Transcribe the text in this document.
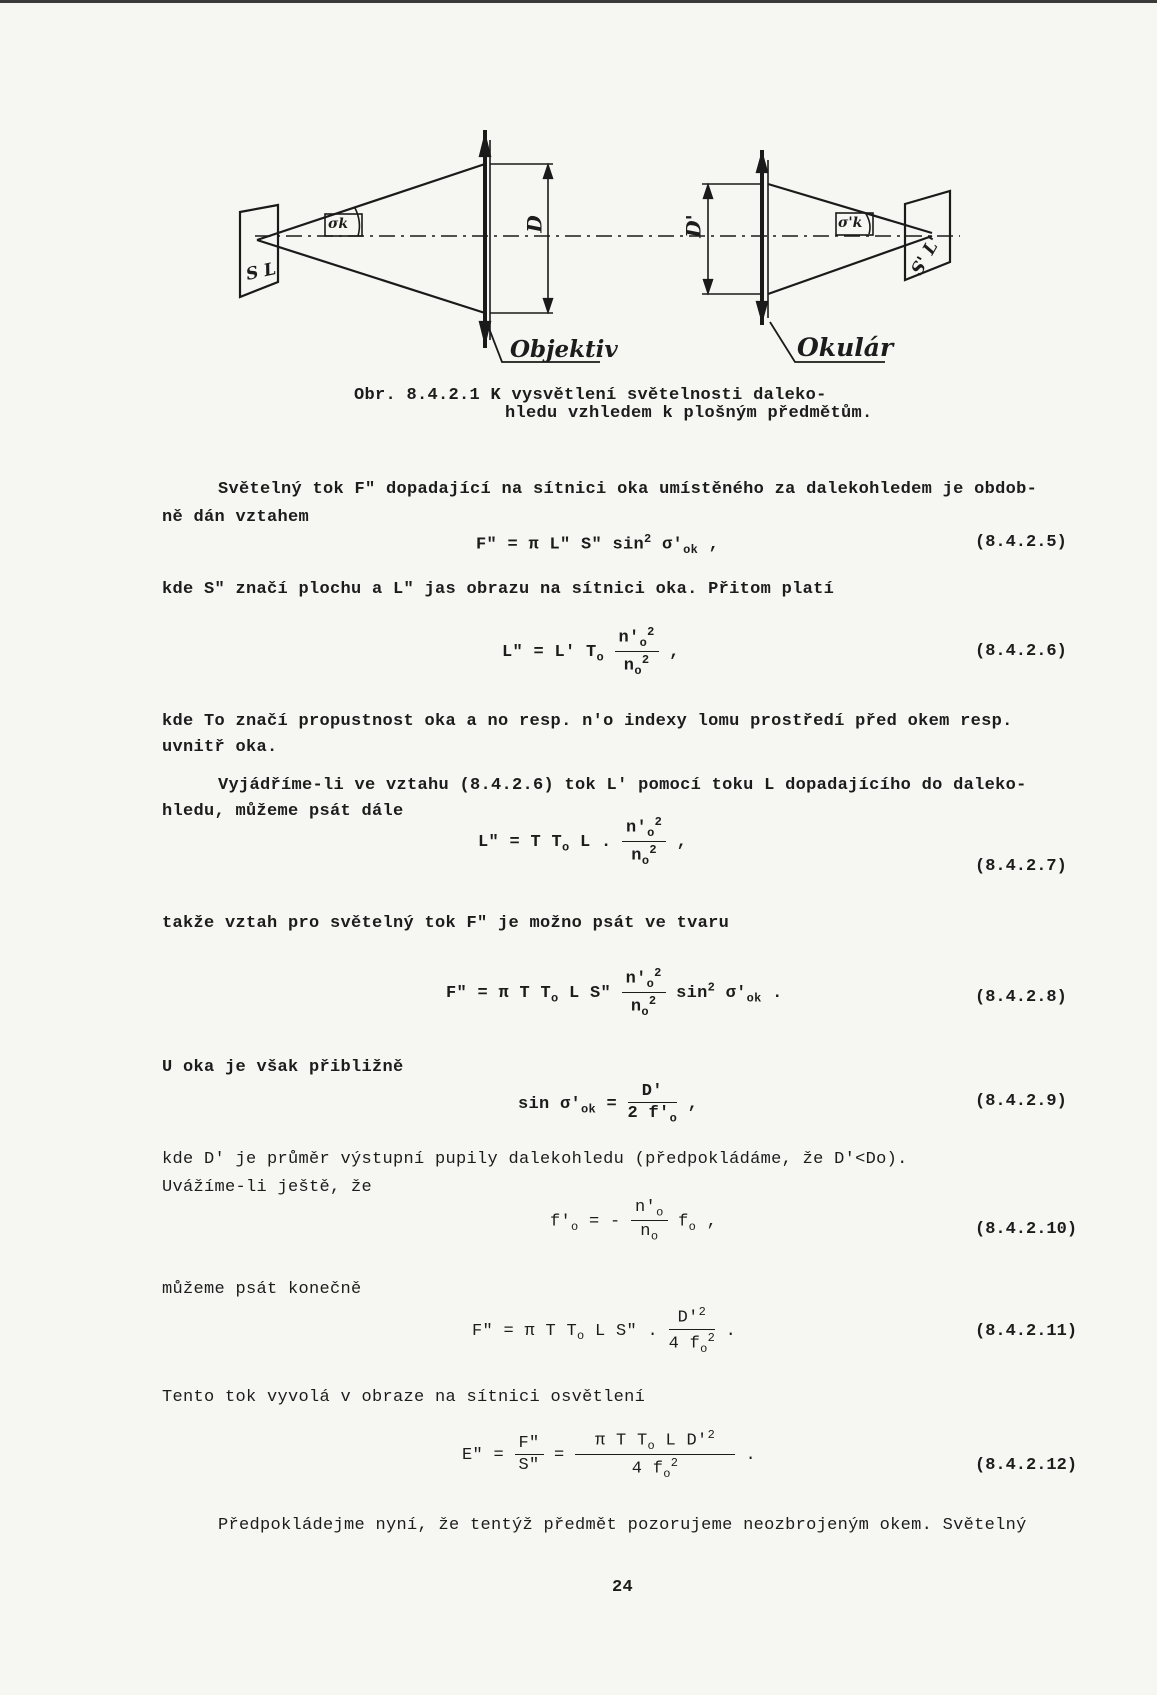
S L	S' L'
σk	σ'k
D	D'
Objektiv	Okulár
Obr. 8.4.2.1 K vysvětlení světelnosti daleko-
hledu vzhledem k plošným předmětům.
Světelný tok F" dopadající na sítnici oka umístěného za dalekohledem je obdob-
ně dán vztahem
F" = π L" S" $\sin^2 \sigma'_{ok}$ ,	(8.4.2.5)
kde S" značí plochu a L" jas obrazu na sítnici oka. Přitom platí
L" = L' $T_o \frac{n'_o^2}{n_o^2}$ ,	(8.4.2.6)
kde To značí propustnost oka a no resp. n'o indexy lomu prostředí před okem resp.
uvnitř oka.
Vyjádříme-li ve vztahu (8.4.2.6) tok L' pomocí toku L dopadajícího do daleko-
hledu, můžeme psát dále
L" = T $T_o$ L . $\frac{n'_o^2}{n_o^2}$ ,
(8.4.2.7)
takže vztah pro světelný tok F" je možno psát ve tvaru
F" = π T $T_o$ L S" $\frac{n'_o^2}{n_o^2} \sin^2 \sigma'_{ok}$ .	(8.4.2.8)
U oka je však přibližně
$\sin \sigma'_{ok} = \frac{D'}{2 f'_o}$ ,	(8.4.2.9)
kde D' je průměr výstupní pupily dalekohledu (předpokládáme, že D'<Do).
Uvážíme-li ještě, že
$f'_o$ = - $\frac{n'_o}{n_o} f_o$ ,	(8.4.2.10)
můžeme psát konečně
F" = π T $T_o$ L S" . $\frac{D'^2}{4 f_o^2}$ .	(8.4.2.11)
Tento tok vyvolá v obraze na sítnici osvětlení
E" = $\frac{F"}{S"} = \frac{\pi T T_o L D'^2}{4 f_o^2}$ .
(8.4.2.12)
Předpokládejme nyní, že tentýž předmět pozorujeme neozbrojeným okem. Světelný
24
